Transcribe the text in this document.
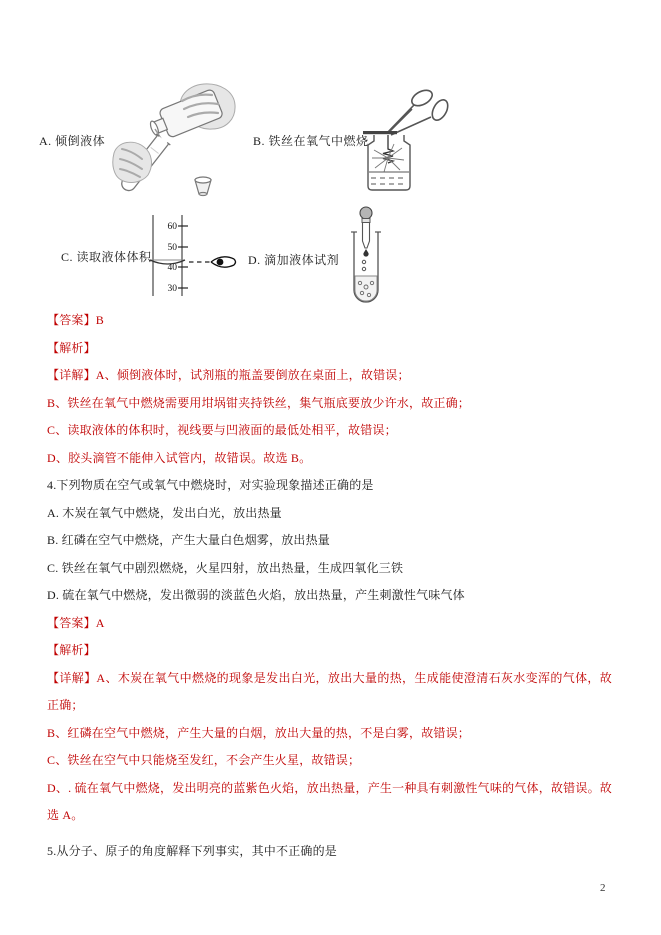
A. 倾倒液体	B. 铁丝在氧气中燃烧
C. 读取液体体积	D. 滴加液体试剂
60
50
40
30

【答案】B

【解析】

【详解】A、倾倒液体时，试剂瓶的瓶盖要倒放在桌面上，故错误；

B、铁丝在氧气中燃烧需要用坩埚钳夹持铁丝，集气瓶底要放少许水，故正确；

C、读取液体的体积时，视线要与凹液面的最低处相平，故错误；

D、胶头滴管不能伸入试管内，故错误。故选 B。

4.下列物质在空气或氧气中燃烧时，对实验现象描述正确的是

A. 木炭在氧气中燃烧，发出白光，放出热量

B. 红磷在空气中燃烧，产生大量白色烟雾，放出热量

C. 铁丝在氧气中剧烈燃烧，火星四射，放出热量，生成四氧化三铁

D. 硫在氧气中燃烧，发出微弱的淡蓝色火焰，放出热量，产生刺激性气味气体

【答案】A

【解析】

【详解】A、木炭在氧气中燃烧的现象是发出白光，放出大量的热，生成能使澄清石灰水变浑的气体，故正确；

B、红磷在空气中燃烧，产生大量的白烟，放出大量的热，不是白雾，故错误；

C、铁丝在空气中只能烧至发红，不会产生火星，故错误；

D、. 硫在氧气中燃烧，发出明亮的蓝紫色火焰，放出热量，产生一种具有刺激性气味的气体，故错误。故选 A。

5.从分子、原子的角度解释下列事实，其中不正确的是

2
